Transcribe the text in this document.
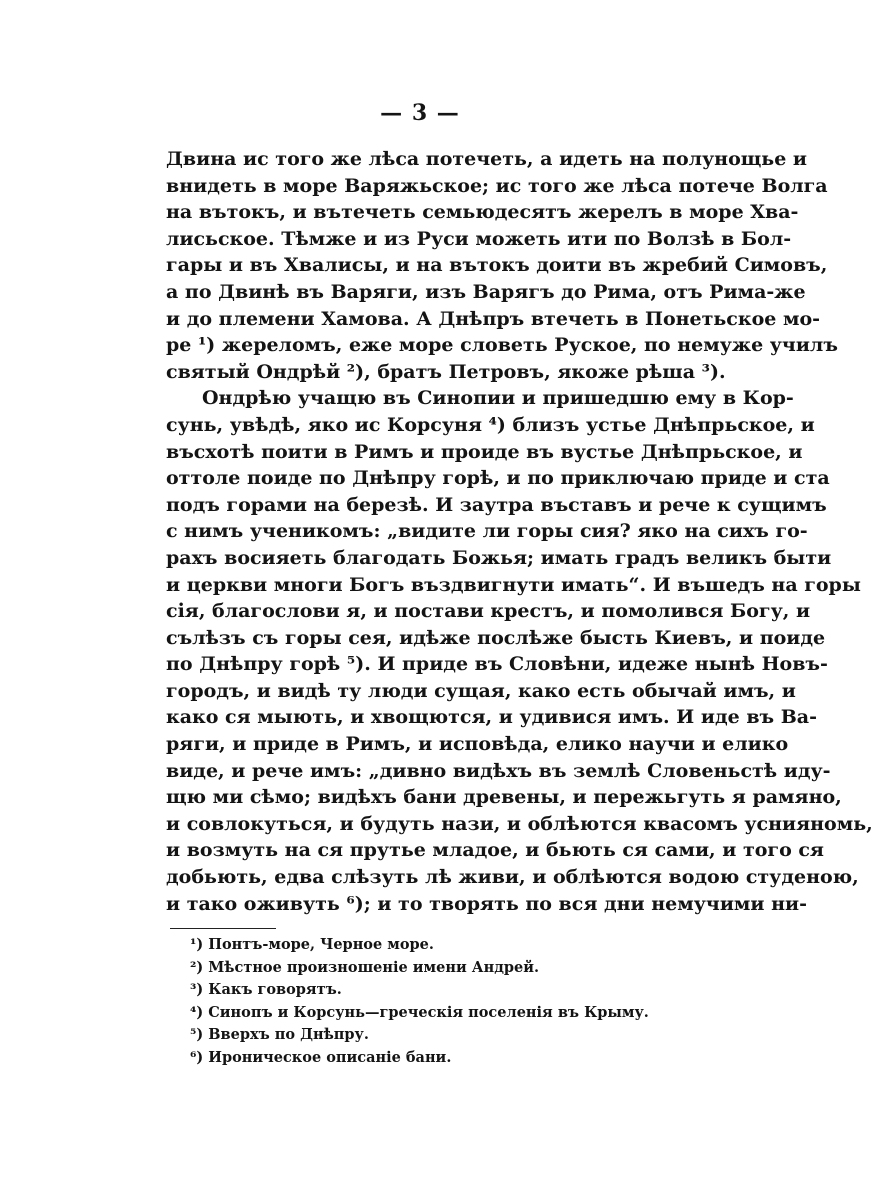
— 3 —
Двина ис того же лѣса потечеть, а идеть на полунощье и
внидеть в море Варяжьское; ис того же лѣса потече Волга
на вътокъ, и вътечеть семьюдесятъ жерелъ в море Хва-
лисьское. Тѣмже и из Руси можеть ити по Волзѣ в Бол-
гары и въ Хвалисы, и на вътокъ доити въ жребий Симовъ,
а по Двинѣ въ Варяги, изъ Варягъ до Рима, отъ Рима-же
и до племени Хамова. А Днѣпръ втечеть в Понетьское мо-
ре ¹) жереломъ, еже море словеть Руское, по немуже училъ
святый Ондрѣй ²), братъ Петровъ, якоже рѣша ³).
Ондрѣю учащю въ Синопии и пришедшю ему в Кор-
сунь, увѣдѣ, яко ис Корсуня ⁴) близъ устье Днѣпрьское, и
въсхотѣ поити в Римъ и проиде въ вустье Днѣпрьское, и
оттоле поиде по Днѣпру горѣ, и по приключаю приде и ста
подъ горами на березѣ. И заутра въставъ и рече к сущимъ
с нимъ ученикомъ: „видите ли горы сия? яко на сихъ го-
рахъ восияеть благодать Божья; имать градъ великъ быти
и церкви многи Богъ въздвигнути имать“. И въшедъ на горы
сія, благослови я, и постави крестъ, и помолився Богу, и
сълѣзъ съ горы сея, идѣже послѣже бысть Киевъ, и поиде
по Днѣпру горѣ ⁵). И приде въ Словѣни, идеже нынѣ Новъ-
городъ, и видѣ ту люди сущая, како есть обычай имъ, и
како ся мыють, и хвощются, и удивися имъ. И иде въ Ва-
ряги, и приде в Римъ, и исповѣда, елико научи и елико
виде, и рече имъ: „дивно видѣхъ въ землѣ Словеньстѣ иду-
щю ми сѣмо; видѣхъ бани древены, и пережьгуть я рамяно,
и совлокуться, и будуть нази, и облѣются квасомъ уснияномь,
и возмуть на ся прутье младое, и бьють ся сами, и того ся
добьють, едва слѣзуть лѣ живи, и облѣются водою студеною,
и тако оживуть ⁶); и то творять по вся дни немучими ни-
¹) Понтъ-море, Черное море.
²) Мѣстное произношеніе имени Андрей.
³) Какъ говорятъ.
⁴) Синопъ и Корсунь—греческія поселенія въ Крыму.
⁵) Вверхъ по Днѣпру.
⁶) Ироническое описаніе бани.
